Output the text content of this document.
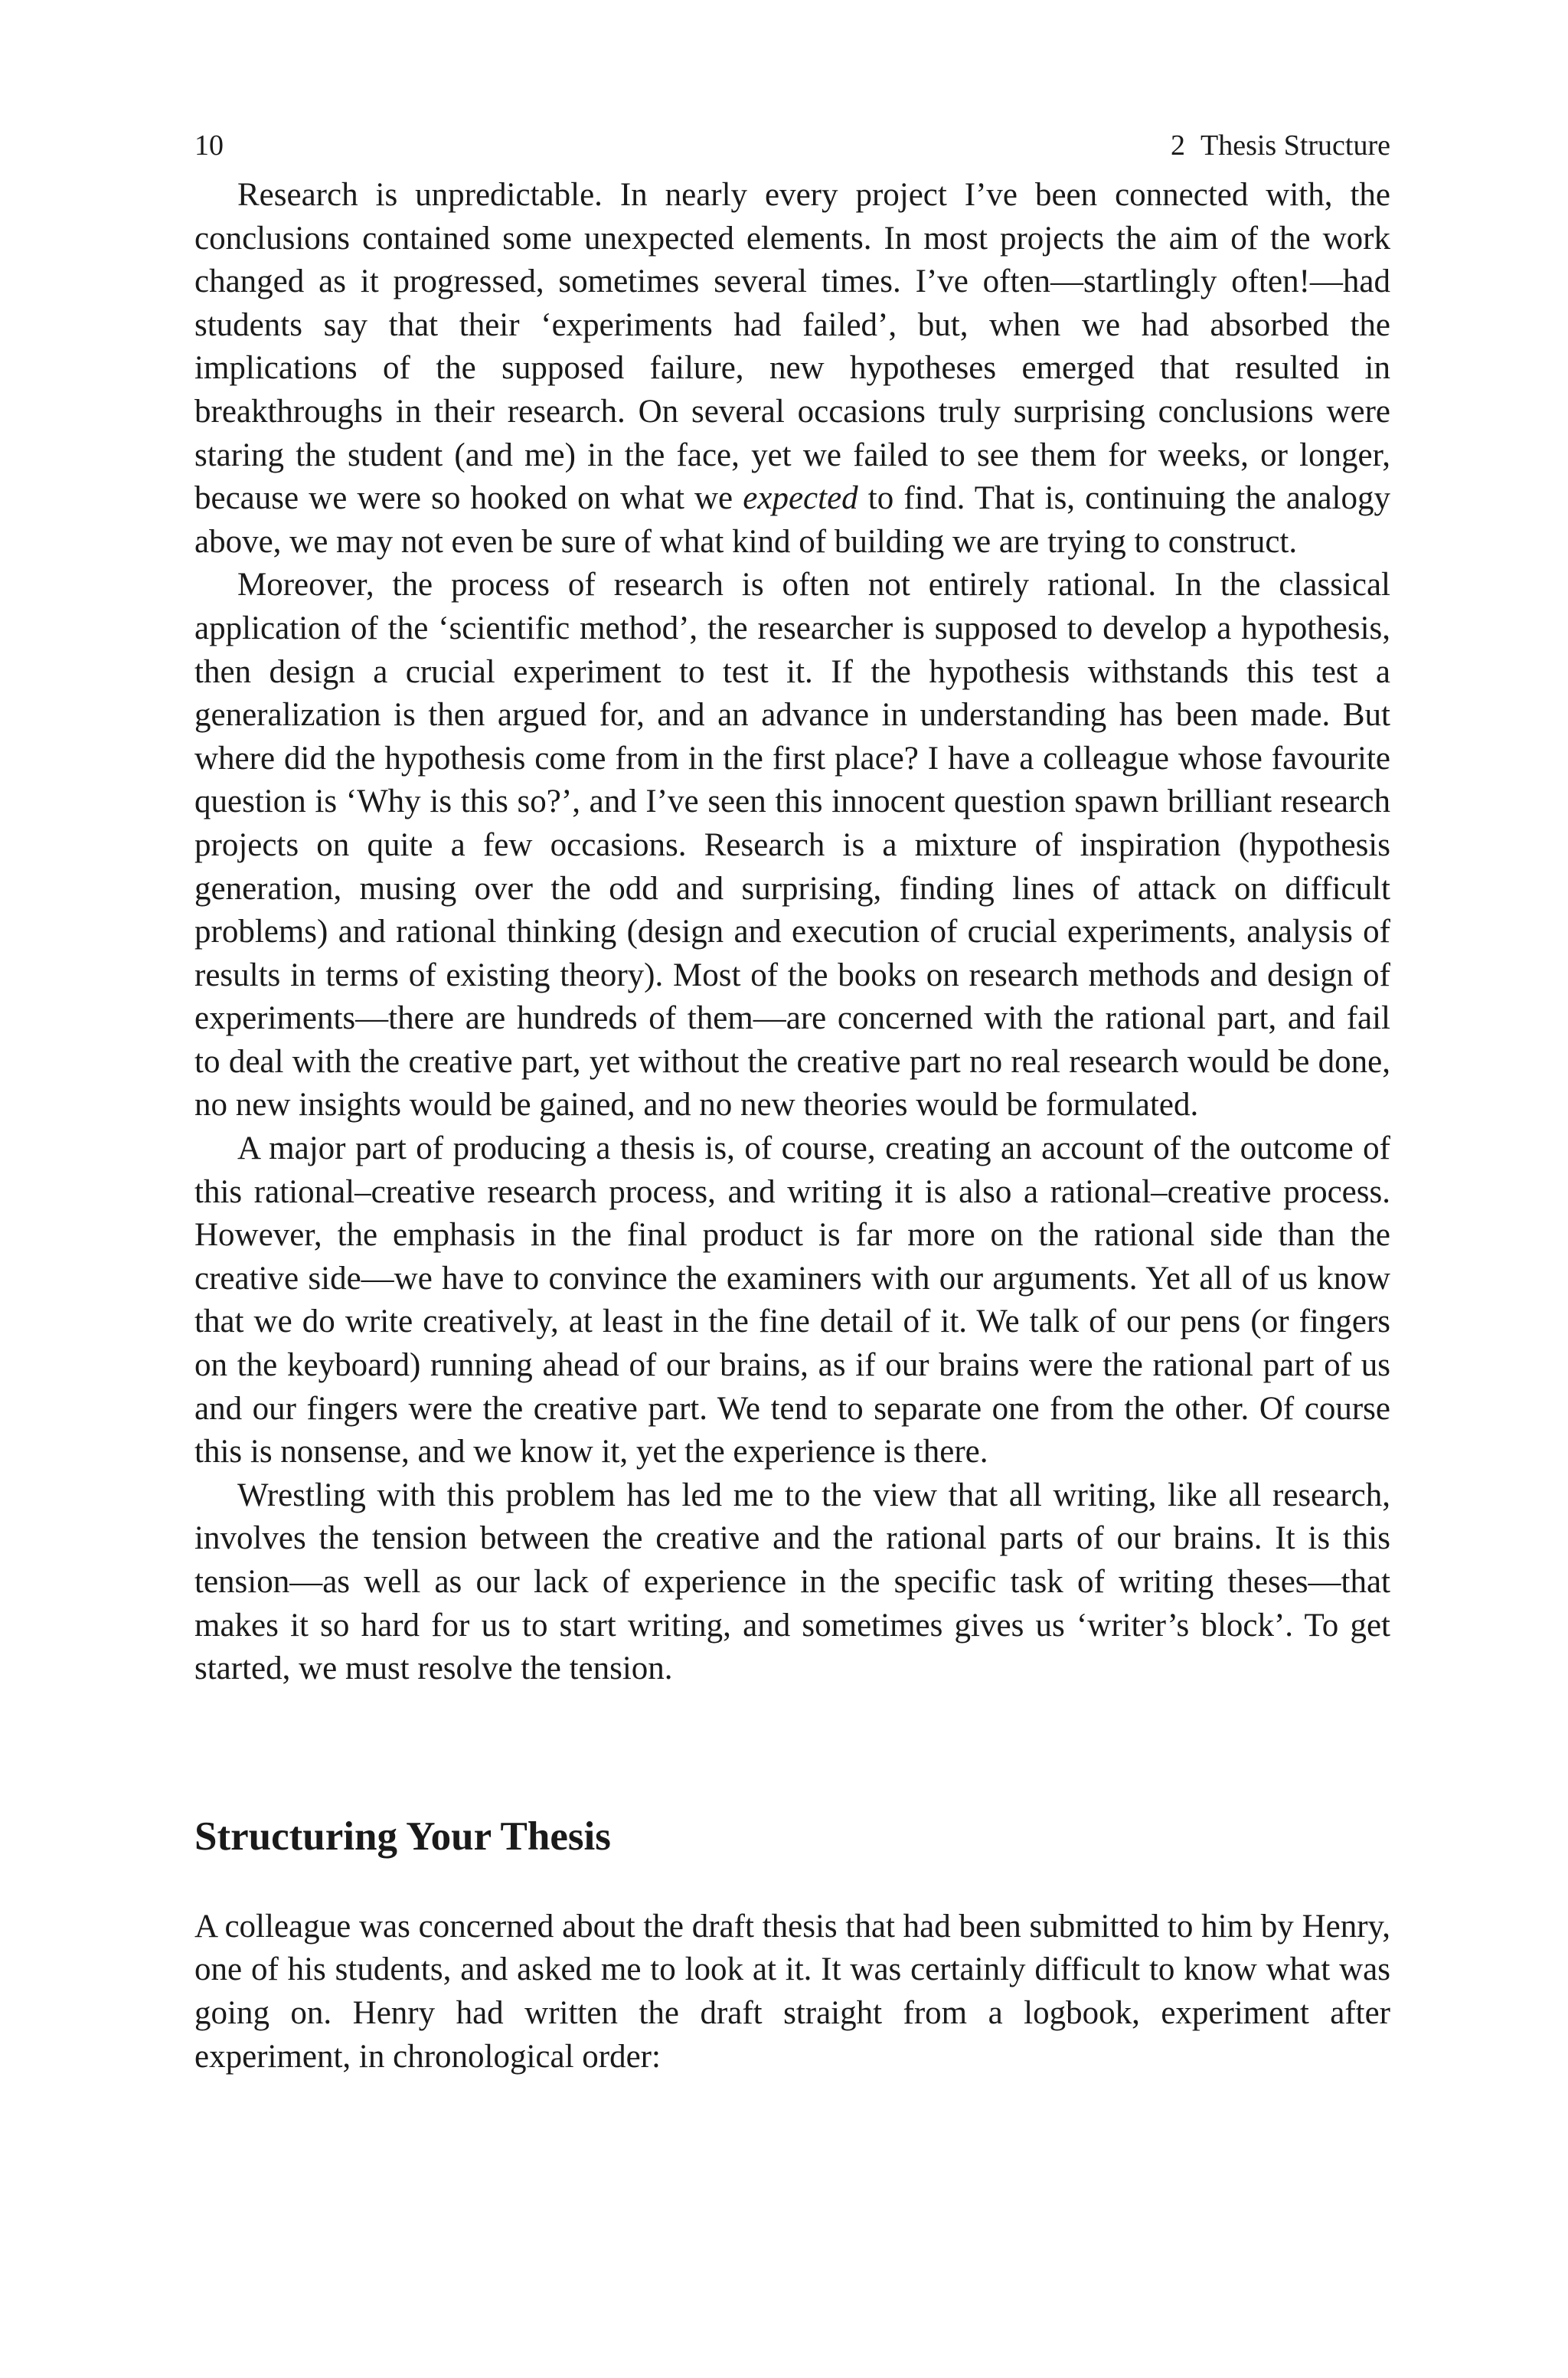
10	2 Thesis Structure

Research is unpredictable. In nearly every project I’ve been connected with, the conclusions contained some unexpected elements. In most projects the aim of the work changed as it progressed, sometimes several times. I’ve often—startlingly often!—had students say that their ‘experiments had failed’, but, when we had absorbed the implications of the supposed failure, new hypotheses emerged that resulted in breakthroughs in their research. On several occasions truly surprising conclusions were staring the student (and me) in the face, yet we failed to see them for weeks, or longer, because we were so hooked on what we expected to find. That is, continuing the analogy above, we may not even be sure of what kind of building we are trying to construct.

Moreover, the process of research is often not entirely rational. In the classical application of the ‘scientific method’, the researcher is supposed to develop a hypothesis, then design a crucial experiment to test it. If the hypothesis withstands this test a generalization is then argued for, and an advance in understanding has been made. But where did the hypothesis come from in the first place? I have a colleague whose favourite question is ‘Why is this so?’, and I’ve seen this innocent question spawn brilliant research projects on quite a few occasions. Research is a mixture of inspiration (hypothesis generation, musing over the odd and surprising, finding lines of attack on difficult problems) and rational thinking (design and execution of crucial experiments, analysis of results in terms of existing theory). Most of the books on research methods and design of experiments—there are hundreds of them—are concerned with the rational part, and fail to deal with the creative part, yet without the creative part no real research would be done, no new insights would be gained, and no new theories would be formulated.

A major part of producing a thesis is, of course, creating an account of the outcome of this rational–creative research process, and writing it is also a rational–creative process. However, the emphasis in the final product is far more on the rational side than the creative side—we have to convince the examiners with our arguments. Yet all of us know that we do write creatively, at least in the fine detail of it. We talk of our pens (or fingers on the keyboard) running ahead of our brains, as if our brains were the rational part of us and our fingers were the creative part. We tend to separate one from the other. Of course this is nonsense, and we know it, yet the experience is there.

Wrestling with this problem has led me to the view that all writing, like all research, involves the tension between the creative and the rational parts of our brains. It is this tension—as well as our lack of experience in the specific task of writing theses—that makes it so hard for us to start writing, and sometimes gives us ‘writer’s block’. To get started, we must resolve the tension.

Structuring Your Thesis

A colleague was concerned about the draft thesis that had been submitted to him by Henry, one of his students, and asked me to look at it. It was certainly difficult to know what was going on. Henry had written the draft straight from a logbook, experiment after experiment, in chronological order:
